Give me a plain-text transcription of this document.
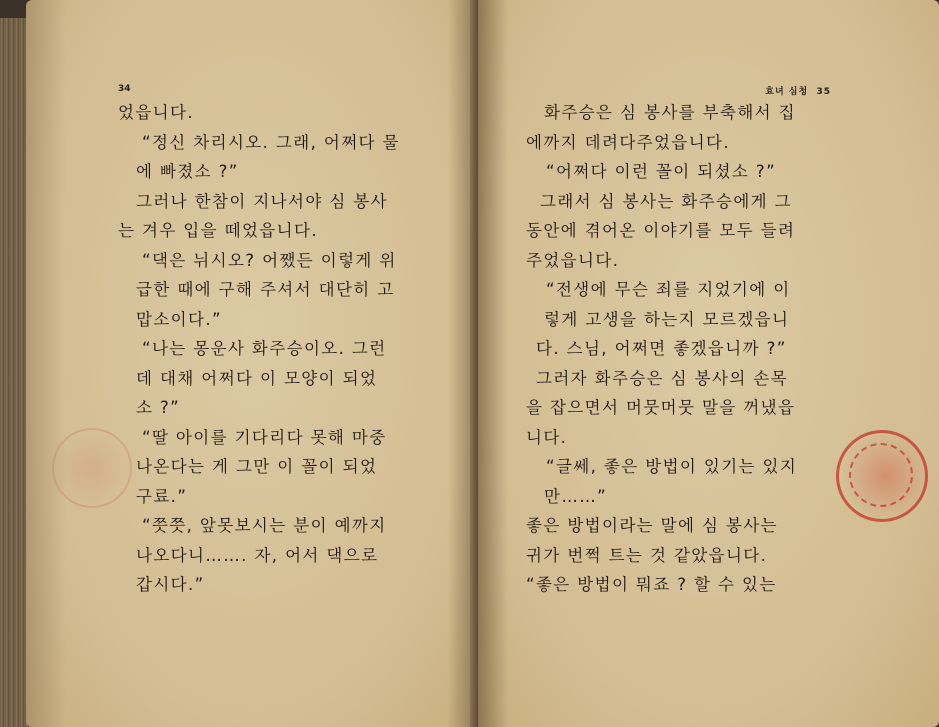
34
었읍니다.
“정신 차리시오. 그래, 어쩌다 물
에 빠졌소 ?”
그러나 한참이 지나서야 심 봉사
는 겨우 입을 떼었읍니다.
“댁은 뉘시오? 어쨌든 이렇게 위
급한 때에 구해 주셔서 대단히 고
맙소이다.”
“나는 몽운사 화주승이오. 그런
데 대채 어쩌다 이 모양이 되었
소 ?”
“딸 아이를 기다리다 못해 마중
나온다는 게 그만 이 꼴이 되었
구료.”
“쯧쯧, 앞못보시는 분이 예까지
나오다니……. 자, 어서 댁으로
갑시다.”
효녀 심청 35
화주승은 심 봉사를 부축해서 집
에까지 데려다주었읍니다.
“어쩌다 이런 꼴이 되셨소 ?”
그래서 심 봉사는 화주승에게 그
동안에 겪어온 이야기를 모두 들려
주었읍니다.
“전생에 무슨 죄를 지었기에 이
렇게 고생을 하는지 모르겠읍니
다. 스님, 어쩌면 좋겠읍니까 ?”
그러자 화주승은 심 봉사의 손목
을 잡으면서 머뭇머뭇 말을 꺼냈읍
니다.
“글쎄, 좋은 방법이 있기는 있지
만……”
좋은 방법이라는 말에 심 봉사는
귀가 번쩍 트는 것 같았읍니다.
“좋은 방법이 뭐죠 ? 할 수 있는
